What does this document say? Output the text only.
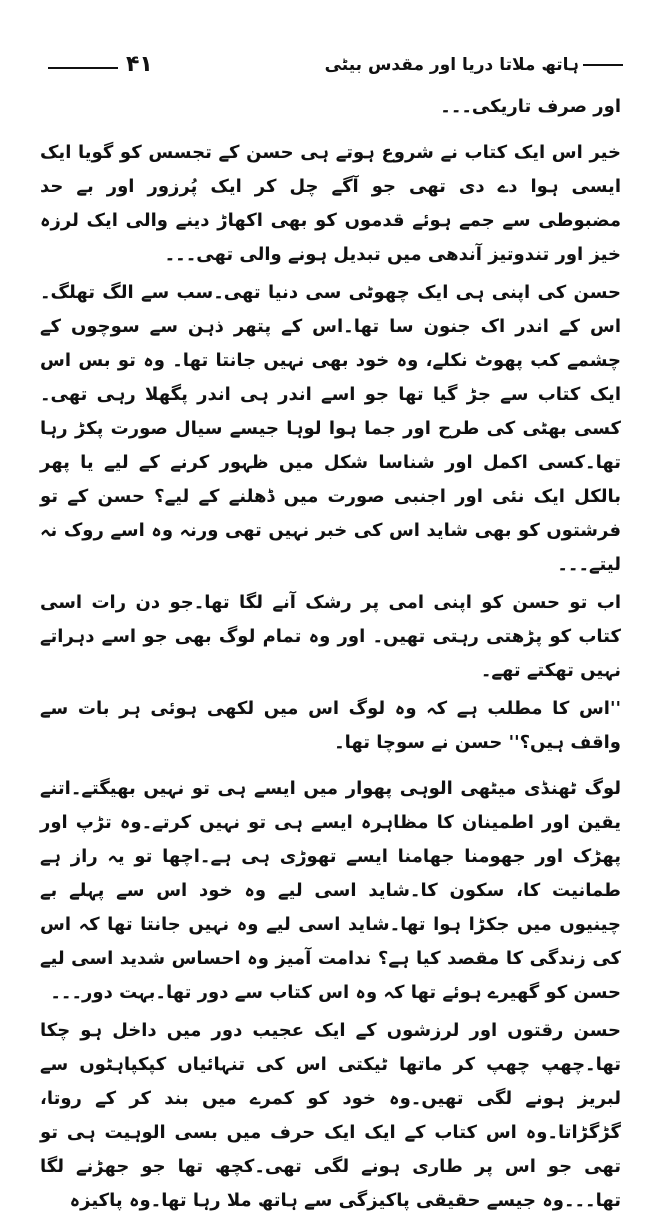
۴۱	ہاتھ ملاتا دریا اور مقدس بیٹی

اور صرف تاریکی۔۔۔

خیر اس ایک کتاب نے شروع ہوتے ہی حسن کے تجسس کو گویا ایک ایسی ہوا دے دی تھی جو آگے چل کر ایک پُرزور اور بے حد مضبوطی سے جمے ہوئے قدموں کو بھی اکھاڑ دینے والی ایک لرزہ خیز اور تندوتیز آندھی میں تبدیل ہونے والی تھی۔۔۔

حسن کی اپنی ہی ایک چھوٹی سی دنیا تھی۔سب سے الگ تھلگ۔اس کے اندر اک جنون سا تھا۔اس کے پتھر ذہن سے سوچوں کے چشمے کب پھوٹ نکلے، وہ خود بھی نہیں جانتا تھا۔ وہ تو بس اس ایک کتاب سے جڑ گیا تھا جو اسے اندر ہی اندر پگھلا رہی تھی۔کسی بھٹی کی طرح اور جما ہوا لوہا جیسے سیال صورت پکڑ رہا تھا۔کسی اکمل اور شناسا شکل میں ظہور کرنے کے لیے یا پھر بالکل ایک نئی اور اجنبی صورت میں ڈھلنے کے لیے؟ حسن کے تو فرشتوں کو بھی شاید اس کی خبر نہیں تھی ورنہ وہ اسے روک نہ لیتے۔۔۔

اب تو حسن کو اپنی امی پر رشک آنے لگا تھا۔جو دن رات اسی کتاب کو پڑھتی رہتی تھیں۔ اور وہ تمام لوگ بھی جو اسے دہراتے نہیں تھکتے تھے۔

''اس کا مطلب ہے کہ وہ لوگ اس میں لکھی ہوئی ہر بات سے واقف ہیں؟'' حسن نے سوچا تھا۔

لوگ ٹھنڈی میٹھی الوہی پھوار میں ایسے ہی تو نہیں بھیگتے۔اتنے یقین اور اطمینان کا مظاہرہ ایسے ہی تو نہیں کرتے۔وہ تڑپ اور پھڑک اور جھومنا جھامنا ایسے تھوڑی ہی ہے۔اچھا تو یہ راز ہے طمانیت کا، سکون کا۔شاید اسی لیے وہ خود اس سے پہلے بے چینیوں میں جکڑا ہوا تھا۔شاید اسی لیے وہ نہیں جانتا تھا کہ اس کی زندگی کا مقصد کیا ہے؟ ندامت آمیز وہ احساس شدید اسی لیے حسن کو گھیرے ہوئے تھا کہ وہ اس کتاب سے دور تھا۔بہت دور۔۔۔

حسن رقتوں اور لرزشوں کے ایک عجیب دور میں داخل ہو چکا تھا۔چھپ چھپ کر ماتھا ٹیکتی اس کی تنہائیاں کپکپاہٹوں سے لبریز ہونے لگی تھیں۔وہ خود کو کمرے میں بند کر کے روتا، گڑگڑاتا۔وہ اس کتاب کے ایک ایک حرف میں بسی الوہیت ہی تو تھی جو اس پر طاری ہونے لگی تھی۔کچھ تھا جو جھڑنے لگا تھا۔۔۔وہ جیسے حقیقی پاکیزگی سے ہاتھ ملا رہا تھا۔وہ پاکیزہ
